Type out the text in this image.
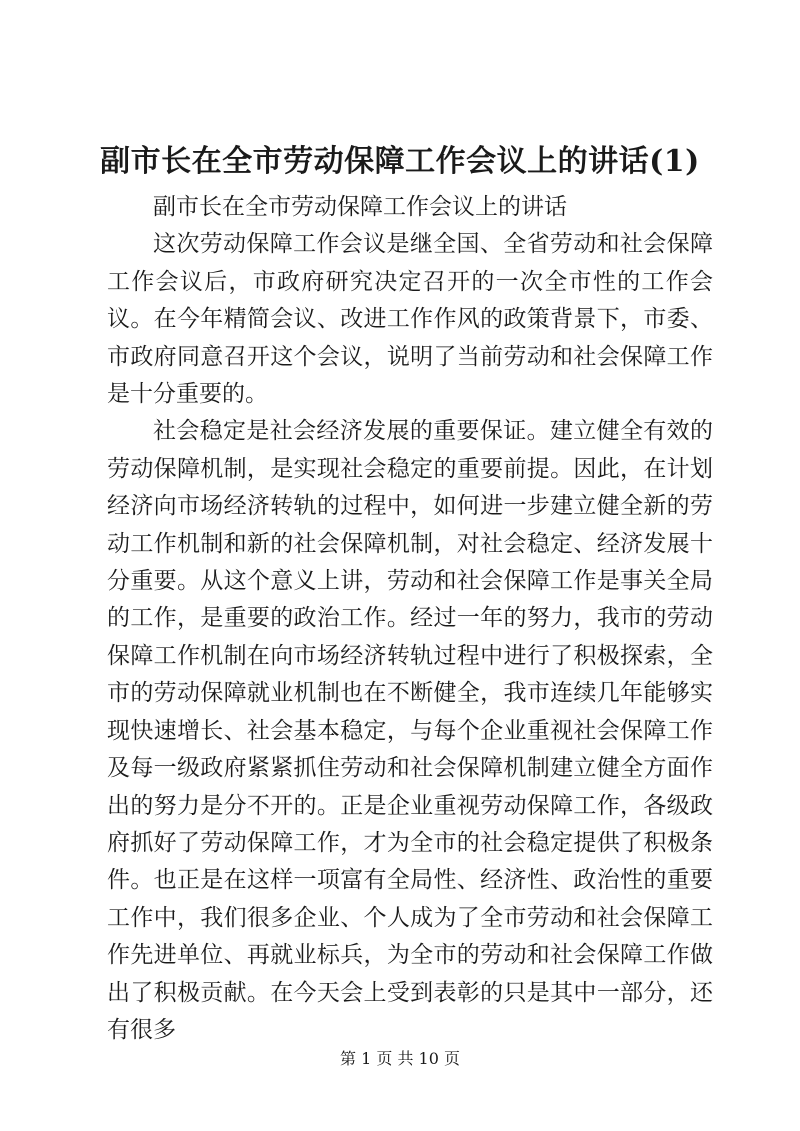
副市长在全市劳动保障工作会议上的讲话(1)

副市长在全市劳动保障工作会议上的讲话

这次劳动保障工作会议是继全国、全省劳动和社会保障工作会议后，市政府研究决定召开的一次全市性的工作会议。在今年精简会议、改进工作作风的政策背景下，市委、市政府同意召开这个会议，说明了当前劳动和社会保障工作是十分重要的。

社会稳定是社会经济发展的重要保证。建立健全有效的劳动保障机制，是实现社会稳定的重要前提。因此，在计划经济向市场经济转轨的过程中，如何进一步建立健全新的劳动工作机制和新的社会保障机制，对社会稳定、经济发展十分重要。从这个意义上讲，劳动和社会保障工作是事关全局的工作，是重要的政治工作。经过一年的努力，我市的劳动保障工作机制在向市场经济转轨过程中进行了积极探索，全市的劳动保障就业机制也在不断健全，我市连续几年能够实现快速增长、社会基本稳定，与每个企业重视社会保障工作及每一级政府紧紧抓住劳动和社会保障机制建立健全方面作出的努力是分不开的。正是企业重视劳动保障工作，各级政府抓好了劳动保障工作，才为全市的社会稳定提供了积极条件。也正是在这样一项富有全局性、经济性、政治性的重要工作中，我们很多企业、个人成为了全市劳动和社会保障工作先进单位、再就业标兵，为全市的劳动和社会保障工作做出了积极贡献。在今天会上受到表彰的只是其中一部分，还有很多

第 1 页 共 10 页
